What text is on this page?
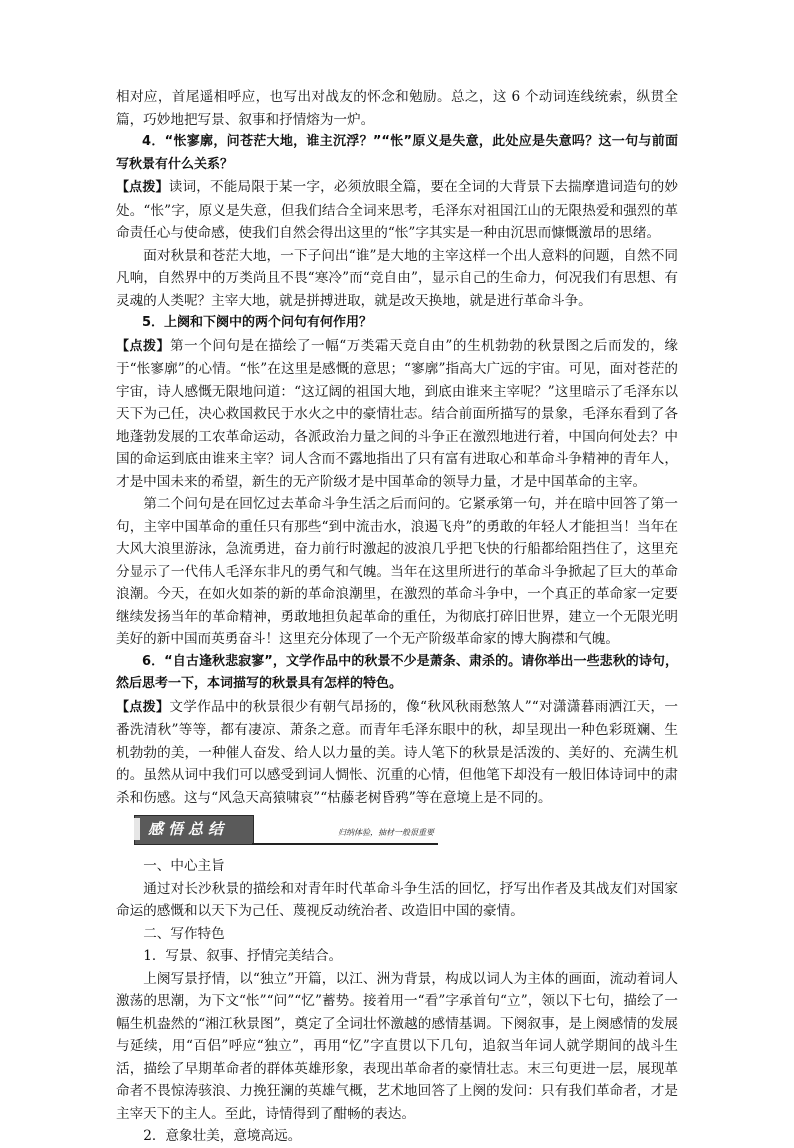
相对应，首尾遥相呼应，也写出对战友的怀念和勉励。总之，这 6 个动词连线统索，纵贯全篇，巧妙地把写景、叙事和抒情熔为一炉。

4．“怅寥廓，问苍茫大地，谁主沉浮？”“怅”原义是失意，此处应是失意吗？这一句与前面写秋景有什么关系？

【点拨】读词，不能局限于某一字，必须放眼全篇，要在全词的大背景下去揣摩遣词造句的妙处。“怅”字，原义是失意，但我们结合全词来思考，毛泽东对祖国江山的无限热爱和强烈的革命责任心与使命感，使我们自然会得出这里的“怅”字其实是一种由沉思而慷慨激昂的思绪。

面对秋景和苍茫大地，一下子问出“谁”是大地的主宰这样一个出人意料的问题，自然不同凡响，自然界中的万类尚且不畏“寒冷”而“竞自由”，显示自己的生命力，何况我们有思想、有灵魂的人类呢？主宰大地，就是拼搏进取，就是改天换地，就是进行革命斗争。

5．上阕和下阕中的两个问句有何作用？

【点拨】第一个问句是在描绘了一幅“万类霜天竞自由”的生机勃勃的秋景图之后而发的，缘于“怅寥廓”的心情。“怅”在这里是感慨的意思；“寥廓”指高大广远的宇宙。可见，面对苍茫的宇宙，诗人感慨无限地问道：“这辽阔的祖国大地，到底由谁来主宰呢？”这里暗示了毛泽东以天下为己任，决心救国救民于水火之中的豪情壮志。结合前面所描写的景象，毛泽东看到了各地蓬勃发展的工农革命运动，各派政治力量之间的斗争正在激烈地进行着，中国向何处去？中国的命运到底由谁来主宰？词人含而不露地指出了只有富有进取心和革命斗争精神的青年人，才是中国未来的希望，新生的无产阶级才是中国革命的领导力量，才是中国革命的主宰。

第二个问句是在回忆过去革命斗争生活之后而问的。它紧承第一句，并在暗中回答了第一句，主宰中国革命的重任只有那些“到中流击水，浪遏飞舟”的勇敢的年轻人才能担当！当年在大风大浪里游泳，急流勇进，奋力前行时激起的波浪几乎把飞快的行船都给阻挡住了，这里充分显示了一代伟人毛泽东非凡的勇气和气魄。当年在这里所进行的革命斗争掀起了巨大的革命浪潮。今天，在如火如荼的新的革命浪潮里，在激烈的革命斗争中，一个真正的革命家一定要继续发扬当年的革命精神，勇敢地担负起革命的重任，为彻底打碎旧世界，建立一个无限光明美好的新中国而英勇奋斗！这里充分体现了一个无产阶级革命家的博大胸襟和气魄。

6．“自古逢秋悲寂寥”，文学作品中的秋景不少是萧条、肃杀的。请你举出一些悲秋的诗句，然后思考一下，本词描写的秋景具有怎样的特色。

【点拨】文学作品中的秋景很少有朝气昂扬的，像“秋风秋雨愁煞人”“对潇潇暮雨洒江天，一番洗清秋”等等，都有凄凉、萧条之意。而青年毛泽东眼中的秋，却呈现出一种色彩斑斓、生机勃勃的美，一种催人奋发、给人以力量的美。诗人笔下的秋景是活泼的、美好的、充满生机的。虽然从词中我们可以感受到词人惆怅、沉重的心情，但他笔下却没有一般旧体诗词中的肃杀和伤感。这与“风急天高猿啸哀”“枯藤老树昏鸦”等在意境上是不同的。

感悟总结	归纳体验，抽材一般很重要

一、中心主旨

通过对长沙秋景的描绘和对青年时代革命斗争生活的回忆，抒写出作者及其战友们对国家命运的感慨和以天下为己任、蔑视反动统治者、改造旧中国的豪情。

二、写作特色

1．写景、叙事、抒情完美结合。

上阕写景抒情，以“独立”开篇，以江、洲为背景，构成以词人为主体的画面，流动着词人激荡的思潮，为下文“怅”“问”“忆”蓄势。接着用一“看”字承首句“立”，领以下七句，描绘了一幅生机盎然的“湘江秋景图”，奠定了全词壮怀激越的感情基调。下阕叙事，是上阕感情的发展与延续，用“百侣”呼应“独立”，再用“忆”字直贯以下几句，追叙当年词人就学期间的战斗生活，描绘了早期革命者的群体英雄形象，表现出革命者的豪情壮志。末三句更进一层，展现革命者不畏惊涛骇浪、力挽狂澜的英雄气概，艺术地回答了上阕的发问：只有我们革命者，才是主宰天下的主人。至此，诗情得到了酣畅的表达。

2．意象壮美，意境高远。
